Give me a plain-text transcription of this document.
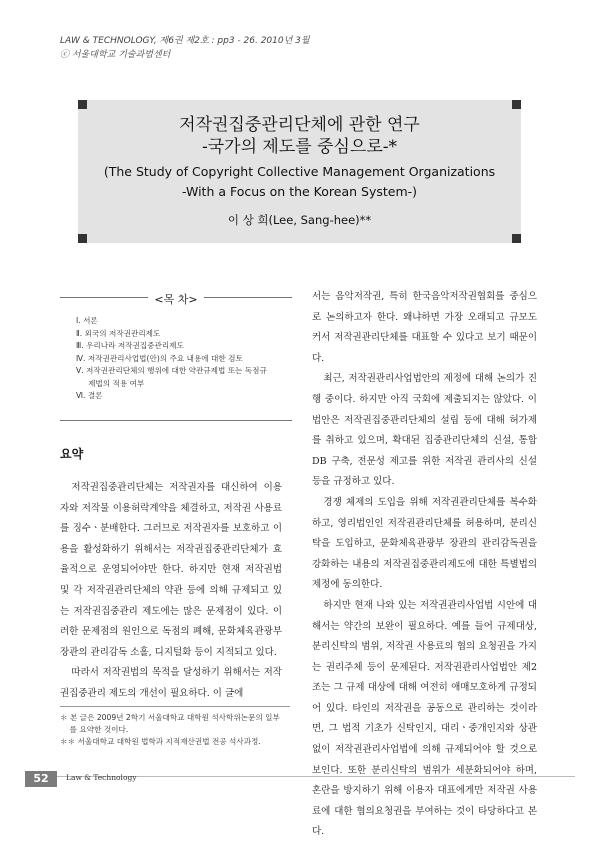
LAW & TECHNOLOGY, 제6권 제2호 : pp3 - 26. 2010년 3월
ⓒ 서울대학교 기술과법센터
저작권집중관리단체에 관한 연구
-국가의 제도를 중심으로-*
(The Study of Copyright Collective Management Organizations
-With a Focus on the Korean System-)
이 상 희(Lee, Sang-hee)**
<목 차>
Ⅰ. 서론
Ⅱ. 외국의 저작권관리제도
Ⅲ. 우리나라 저작권집중관리제도
Ⅳ. 저작권관리사업법(안)의 주요 내용에 대한 검토
Ⅴ. 저작권관리단체의 행위에 대한 약관규제법 또는 독점규
제법의 적용 여부
Ⅵ. 결론
요약

저작권집중관리단체는 저작권자를 대신하여 이용자와 저작물 이용허락계약을 체결하고, 저작권 사용료를 징수ㆍ분배한다. 그러므로 저작권자를 보호하고 이용을 활성화하기 위해서는 저작권집중관리단체가 효율적으로 운영되어야만 한다. 하지만 현재 저작권법 및 각 저작권관리단체의 약관 등에 의해 규제되고 있는 저작권집중관리 제도에는 많은 문제점이 있다. 이러한 문제점의 원인으로 독점의 폐해, 문화체육관광부 장관의 관리감독 소홀, 디지털화 등이 지적되고 있다.

따라서 저작권법의 목적을 달성하기 위해서는 저작권집중관리 제도의 개선이 필요하다. 이 글에

서는 음악저작권, 특히 한국음악저작권협회를 중심으로 논의하고자 한다. 왜냐하면 가장 오래되고 규모도 커서 저작권관리단체를 대표할 수 있다고 보기 때문이다.

최근, 저작권관리사업법안의 제정에 대해 논의가 진행 중이다. 하지만 아직 국회에 제출되지는 않았다. 이 법안은 저작권집중관리단체의 설립 등에 대해 허가제를 취하고 있으며, 확대된 집중관리단체의 신설, 통합 DB 구축, 전문성 제고를 위한 저작권 관리사의 신설 등을 규정하고 있다.

경쟁 체제의 도입을 위해 저작권관리단체를 복수화하고, 영리법인인 저작권관리단체를 허용하며, 분리신탁을 도입하고, 문화체육관광부 장관의 관리감독권을 강화하는 내용의 저작권집중관리제도에 대한 특별법의 제정에 동의한다.

하지만 현재 나와 있는 저작권관리사업법 시안에 대해서는 약간의 보완이 필요하다. 예를 들어 규제대상, 분리신탁의 범위, 저작권 사용료의 협의 요청권을 가지는 권리주체 등이 문제된다. 저작권관리사업법안 제2조는 그 규제 대상에 대해 여전히 애매모호하게 규정되어 있다. 타인의 저작권을 공동으로 관리하는 것이라면, 그 법적 기초가 신탁인지, 대리ㆍ중개인지와 상관 없이 저작권관리사업법에 의해 규제되어야 할 것으로 보인다. 또한 분리신탁의 범위가 세분화되어야 하며, 혼란을 방지하기 위해 이용자 대표에게만 저작권 사용료에 대한 협의요청권을 부여하는 것이 타당하다고 본다.

＊ 본 글은 2009년 2학기 서울대학교 대학원 석사학위논문의 일부
를 요약한 것이다.
＊＊ 서울대학교 대학원 법학과 지적재산권법 전공 석사과정.
52	Law & Technology
